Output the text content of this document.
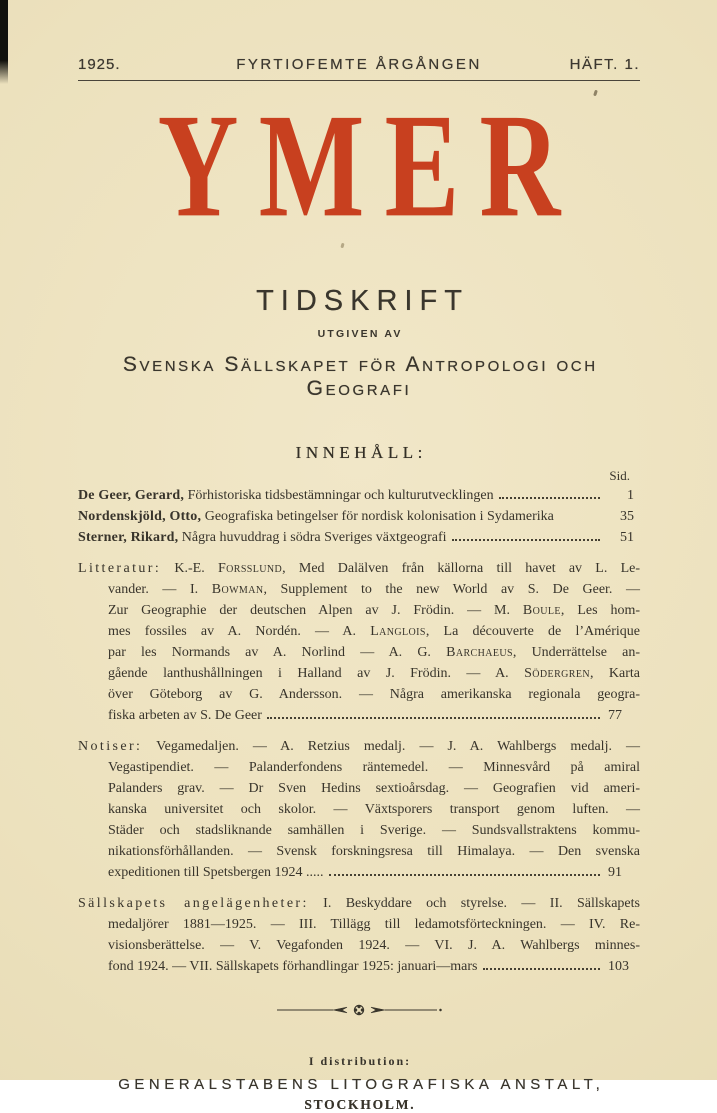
1925.	FYRTIOFEMTE ÅRGÅNGEN	HÄFT. 1.
YMER
TIDSKRIFT
UTGIVEN AV
Svenska Sällskapet för Antropologi och Geografi
INNEHÅLL:
Sid.
De Geer, Gerard, Förhistoriska tidsbestämningar och kulturutvecklingen	1
Nordenskjöld, Otto, Geografiska betingelser för nordisk kolonisation i Sydamerika	35
Sterner, Rikard, Några huvuddrag i södra Sveriges växtgeografi	51
Litteratur: K.-E. Forsslund, Med Dalälven från källorna till havet av L. Le-
vander. — I. Bowman, Supplement to the new World av S. De Geer. —
Zur Geographie der deutschen Alpen av J. Frödin. — M. Boule, Les hom-
mes fossiles av A. Nordén. — A. Langlois, La découverte de l’Amérique
par les Normands av A. Norlind — A. G. Barchaeus, Underrättelse an-
gående lanthushållningen i Halland av J. Frödin. — A. Södergren, Karta
över Göteborg av G. Andersson. — Några amerikanska regionala geogra-
fiska arbeten av S. De Geer	77
Notiser: Vegamedaljen. — A. Retzius medalj. — J. A. Wahlbergs medalj. —
Vegastipendiet. — Palanderfondens räntemedel. — Minnesvård på amiral
Palanders grav. — Dr Sven Hedins sextioårsdag. — Geografien vid ameri-
kanska universitet och skolor. — Växtsporers transport genom luften. —
Städer och stadsliknande samhällen i Sverige. — Sundsvallstraktens kommu-
nikationsförhållanden. — Svensk forskningsresa till Himalaya. — Den svenska
expeditionen till Spetsbergen 1924 .....	91
Sällskapets angelägenheter: I. Beskyddare och styrelse. — II. Sällskapets
medaljörer 1881—1925. — III. Tillägg till ledamotsförteckningen. — IV. Re-
visionsberättelse. — V. Vegafonden 1924. — VI. J. A. Wahlbergs minnes-
fond 1924. — VII. Sällskapets förhandlingar 1925: januari—mars	103
I distribution:
GENERALSTABENS LITOGRAFISKA ANSTALT,
STOCKHOLM.
